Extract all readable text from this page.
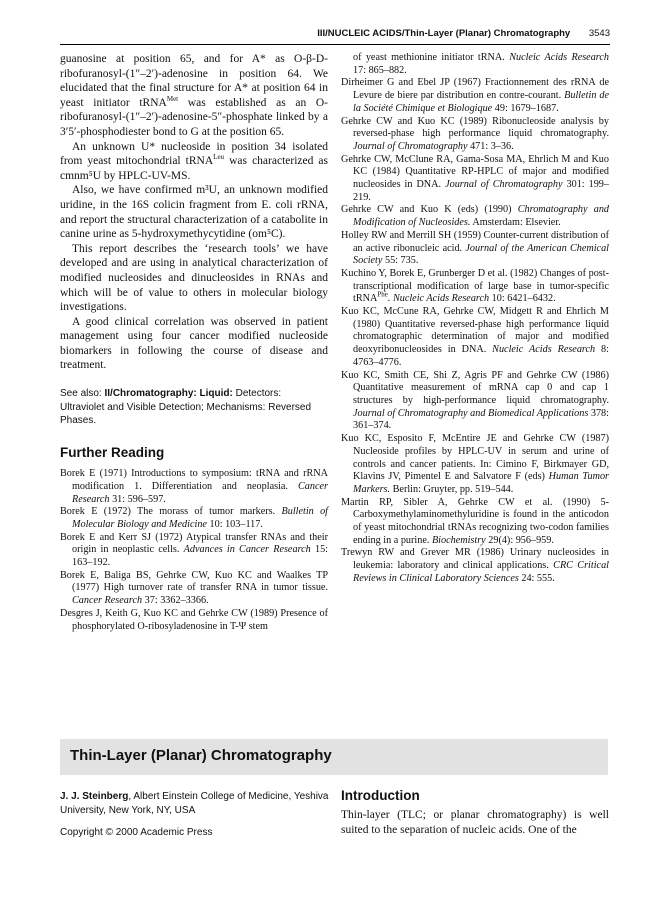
III/NUCLEIC ACIDS/Thin-Layer (Planar) Chromatography 3543

guanosine at position 65, and for A* as O-β-D-ribofuranosyl-(1″–2′)-adenosine in position 64. We elucidated that the final structure for A* at position 64 in yeast initiator tRNA$^{Met}$ was established as an O-ribofuranosyl-(1″–2′)-adenosine-5″-phosphate linked by a 3′5′-phosphodiester bond to G at the position 65.

An unknown U* nucleoside in position 34 isolated from yeast mitochondrial tRNA$^{Leu}$ was characterized as cmnm⁵U by HPLC-UV-MS.

Also, we have confirmed m³U, an unknown modified uridine, in the 16S colicin fragment from E. coli rRNA, and report the structural characterization of a catabolite in canine urine as 5-hydroxymethycytidine (om⁵C).

This report describes the ‘research tools’ we have developed and are using in analytical characterization of modified nucleosides and dinucleosides in RNAs and which will be of value to others in molecular biology investigations.

A good clinical correlation was observed in patient management using four cancer modified nucleoside biomarkers in following the course of disease and treatment.

See also: II/Chromatography: Liquid: Detectors: Ultraviolet and Visible Detection; Mechanisms: Reversed Phases.

Further Reading

Borek E (1971) Introductions to symposium: tRNA and rRNA modification 1. Differentiation and neoplasia. Cancer Research 31: 596–597.

Borek E (1972) The morass of tumor markers. Bulletin of Molecular Biology and Medicine 10: 103–117.

Borek E and Kerr SJ (1972) Atypical transfer RNAs and their origin in neoplastic cells. Advances in Cancer Research 15: 163–192.

Borek E, Baliga BS, Gehrke CW, Kuo KC and Waalkes TP (1977) High turnover rate of transfer RNA in tumor tissue. Cancer Research 37: 3362–3366.

Desgres J, Keith G, Kuo KC and Gehrke CW (1989) Presence of phosphorylated O-ribosyladenosine in T-Ψ stem

of yeast methionine initiator tRNA. Nucleic Acids Research 17: 865–882.

Dirheimer G and Ebel JP (1967) Fractionnement des rRNA de Levure de biere par distribution en contre-courant. Bulletin de la Société Chimique et Biologique 49: 1679–1687.

Gehrke CW and Kuo KC (1989) Ribonucleoside analysis by reversed-phase high performance liquid chromatography. Journal of Chromatography 471: 3–36.

Gehrke CW, McClune RA, Gama-Sosa MA, Ehrlich M and Kuo KC (1984) Quantitative RP-HPLC of major and modified nucleosides in DNA. Journal of Chromatography 301: 199–219.

Gehrke CW and Kuo K (eds) (1990) Chromatography and Modification of Nucleosides. Amsterdam: Elsevier.

Holley RW and Merrill SH (1959) Counter-current distribution of an active ribonucleic acid. Journal of the American Chemical Society 55: 735.

Kuchino Y, Borek E, Grunberger D et al. (1982) Changes of post-transcriptional modification of large base in tumor-specific tRNA$^{Phe}$. Nucleic Acids Research 10: 6421–6432.

Kuo KC, McCune RA, Gehrke CW, Midgett R and Ehrlich M (1980) Quantitative reversed-phase high performance liquid chromatographic determination of major and modified deoxyribonucleosides in DNA. Nucleic Acids Research 8: 4763–4776.

Kuo KC, Smith CE, Shi Z, Agris PF and Gehrke CW (1986) Quantitative measurement of mRNA cap 0 and cap 1 structures by high-performance liquid chromatography. Journal of Chromatography and Biomedical Applications 378: 361–374.

Kuo KC, Esposito F, McEntire JE and Gehrke CW (1987) Nucleoside profiles by HPLC-UV in serum and urine of controls and cancer patients. In: Cimino F, Birkmayer GD, Klavins JV, Pimentel E and Salvatore F (eds) Human Tumor Markers. Berlin: Gruyter, pp. 519–544.

Martin RP, Sibler A, Gehrke CW et al. (1990) 5-Carboxymethylaminomethyluridine is found in the anticodon of yeast mitochondrial tRNAs recognizing two-codon families ending in a purine. Biochemistry 29(4): 956–959.

Trewyn RW and Grever MR (1986) Urinary nucleosides in leukemia: laboratory and clinical applications. CRC Critical Reviews in Clinical Laboratory Sciences 24: 555.

Thin-Layer (Planar) Chromatography
J. J. Steinberg, Albert Einstein College of Medicine, Yeshiva University, New York, NY, USA
Copyright © 2000 Academic Press
Introduction

Thin-layer (TLC; or planar chromatography) is well suited to the separation of nucleic acids. One of the
